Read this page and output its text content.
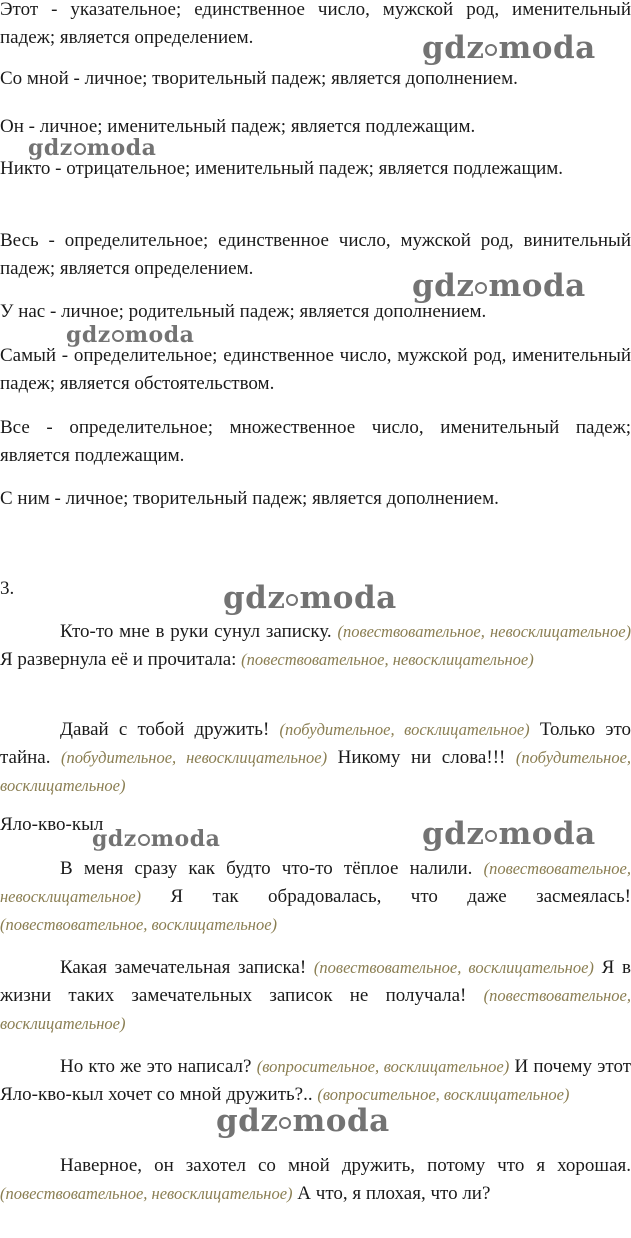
Этот - указательное; единственное число, мужской род, именительный падеж; является определением.

Со мной - личное; творительный падеж; является дополнением.

Он - личное; именительный падеж; является подлежащим.

Никто - отрицательное; именительный падеж; является подлежащим.

Весь - определительное; единственное число, мужской род, винительный падеж; является определением.

У нас - личное; родительный падеж; является дополнением.

Самый - определительное; единственное число, мужской род, именительный падеж; является обстоятельством.

Все - определительное; множественное число, именительный падеж; является подлежащим.

С ним - личное; творительный падеж; является дополнением.

3.

Кто-то мне в руки сунул записку. (повествовательное, невосклицательное) Я развернула её и прочитала: (повествовательное, невосклицательное)

Давай с тобой дружить! (побудительное, восклицательное) Только это тайна. (побудительное, невосклицательное) Никому ни слова!!! (побудительное, восклицательное)

Яло-кво-кыл

В меня сразу как будто что-то тёплое налили. (повествовательное, невосклицательное) Я так обрадовалась, что даже засмеялась! (повествовательное, восклицательное)

Какая замечательная записка! (повествовательное, восклицательное) Я в жизни таких замечательных записок не получала! (повествовательное, восклицательное)

Но кто же это написал? (вопросительное, восклицательное) И почему этот Яло-кво-кыл хочет со мной дружить?.. (вопросительное, восклицательное)

Наверное, он захотел со мной дружить, потому что я хорошая. (повествовательное, невосклицательное) А что, я плохая, что ли?

gdz moda
gdz moda
gdz moda
gdz moda
gdz moda
gdz moda	gdz moda
gdz moda
